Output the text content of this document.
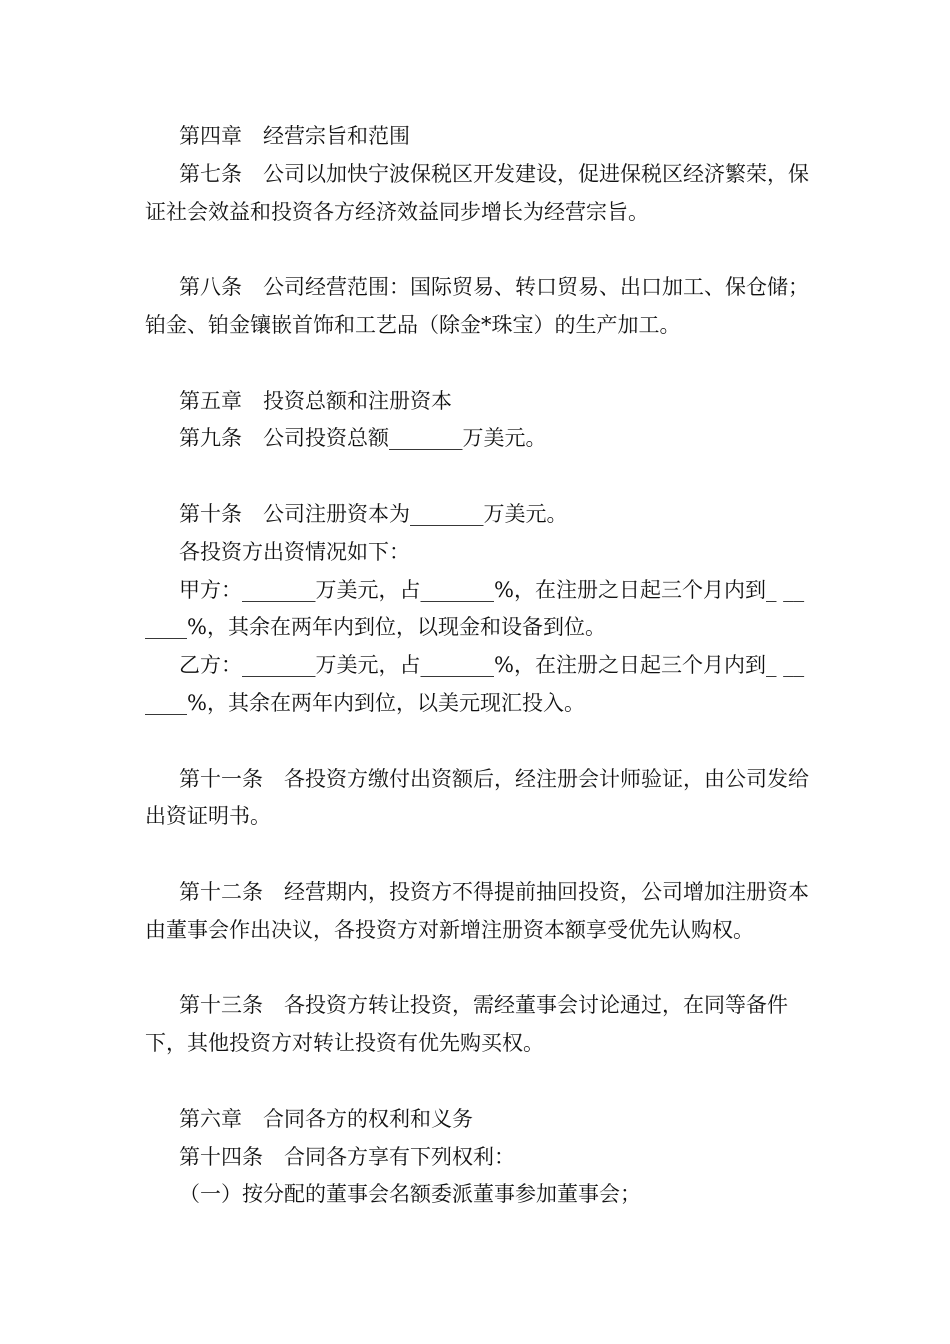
第四章　经营宗旨和范围

第七条　公司以加快宁波保税区开发建设，促进保税区经济繁荣，保证社会效益和投资各方经济效益同步增长为经营宗旨。

第八条　公司经营范围：国际贸易、转口贸易、出口加工、保仓储；铂金、铂金镶嵌首饰和工艺品（除金*珠宝）的生产加工。

第五章　投资总额和注册资本

第九条　公司投资总额_______万美元。

第十条　公司注册资本为_______万美元。

各投资方出资情况如下：

甲方：_______万美元，占_______%，在注册之日起三个月内到_ ______%，其余在两年内到位，以现金和设备到位。

乙方：_______万美元，占_______%，在注册之日起三个月内到_ ______%，其余在两年内到位，以美元现汇投入。

第十一条　各投资方缴付出资额后，经注册会计师验证，由公司发给出资证明书。

第十二条　经营期内，投资方不得提前抽回投资，公司增加注册资本由董事会作出决议，各投资方对新增注册资本额享受优先认购权。

第十三条　各投资方转让投资，需经董事会讨论通过，在同等备件下，其他投资方对转让投资有优先购买权。

第六章　合同各方的权利和义务

第十四条　合同各方享有下列权利：

（一）按分配的董事会名额委派董事参加董事会；
